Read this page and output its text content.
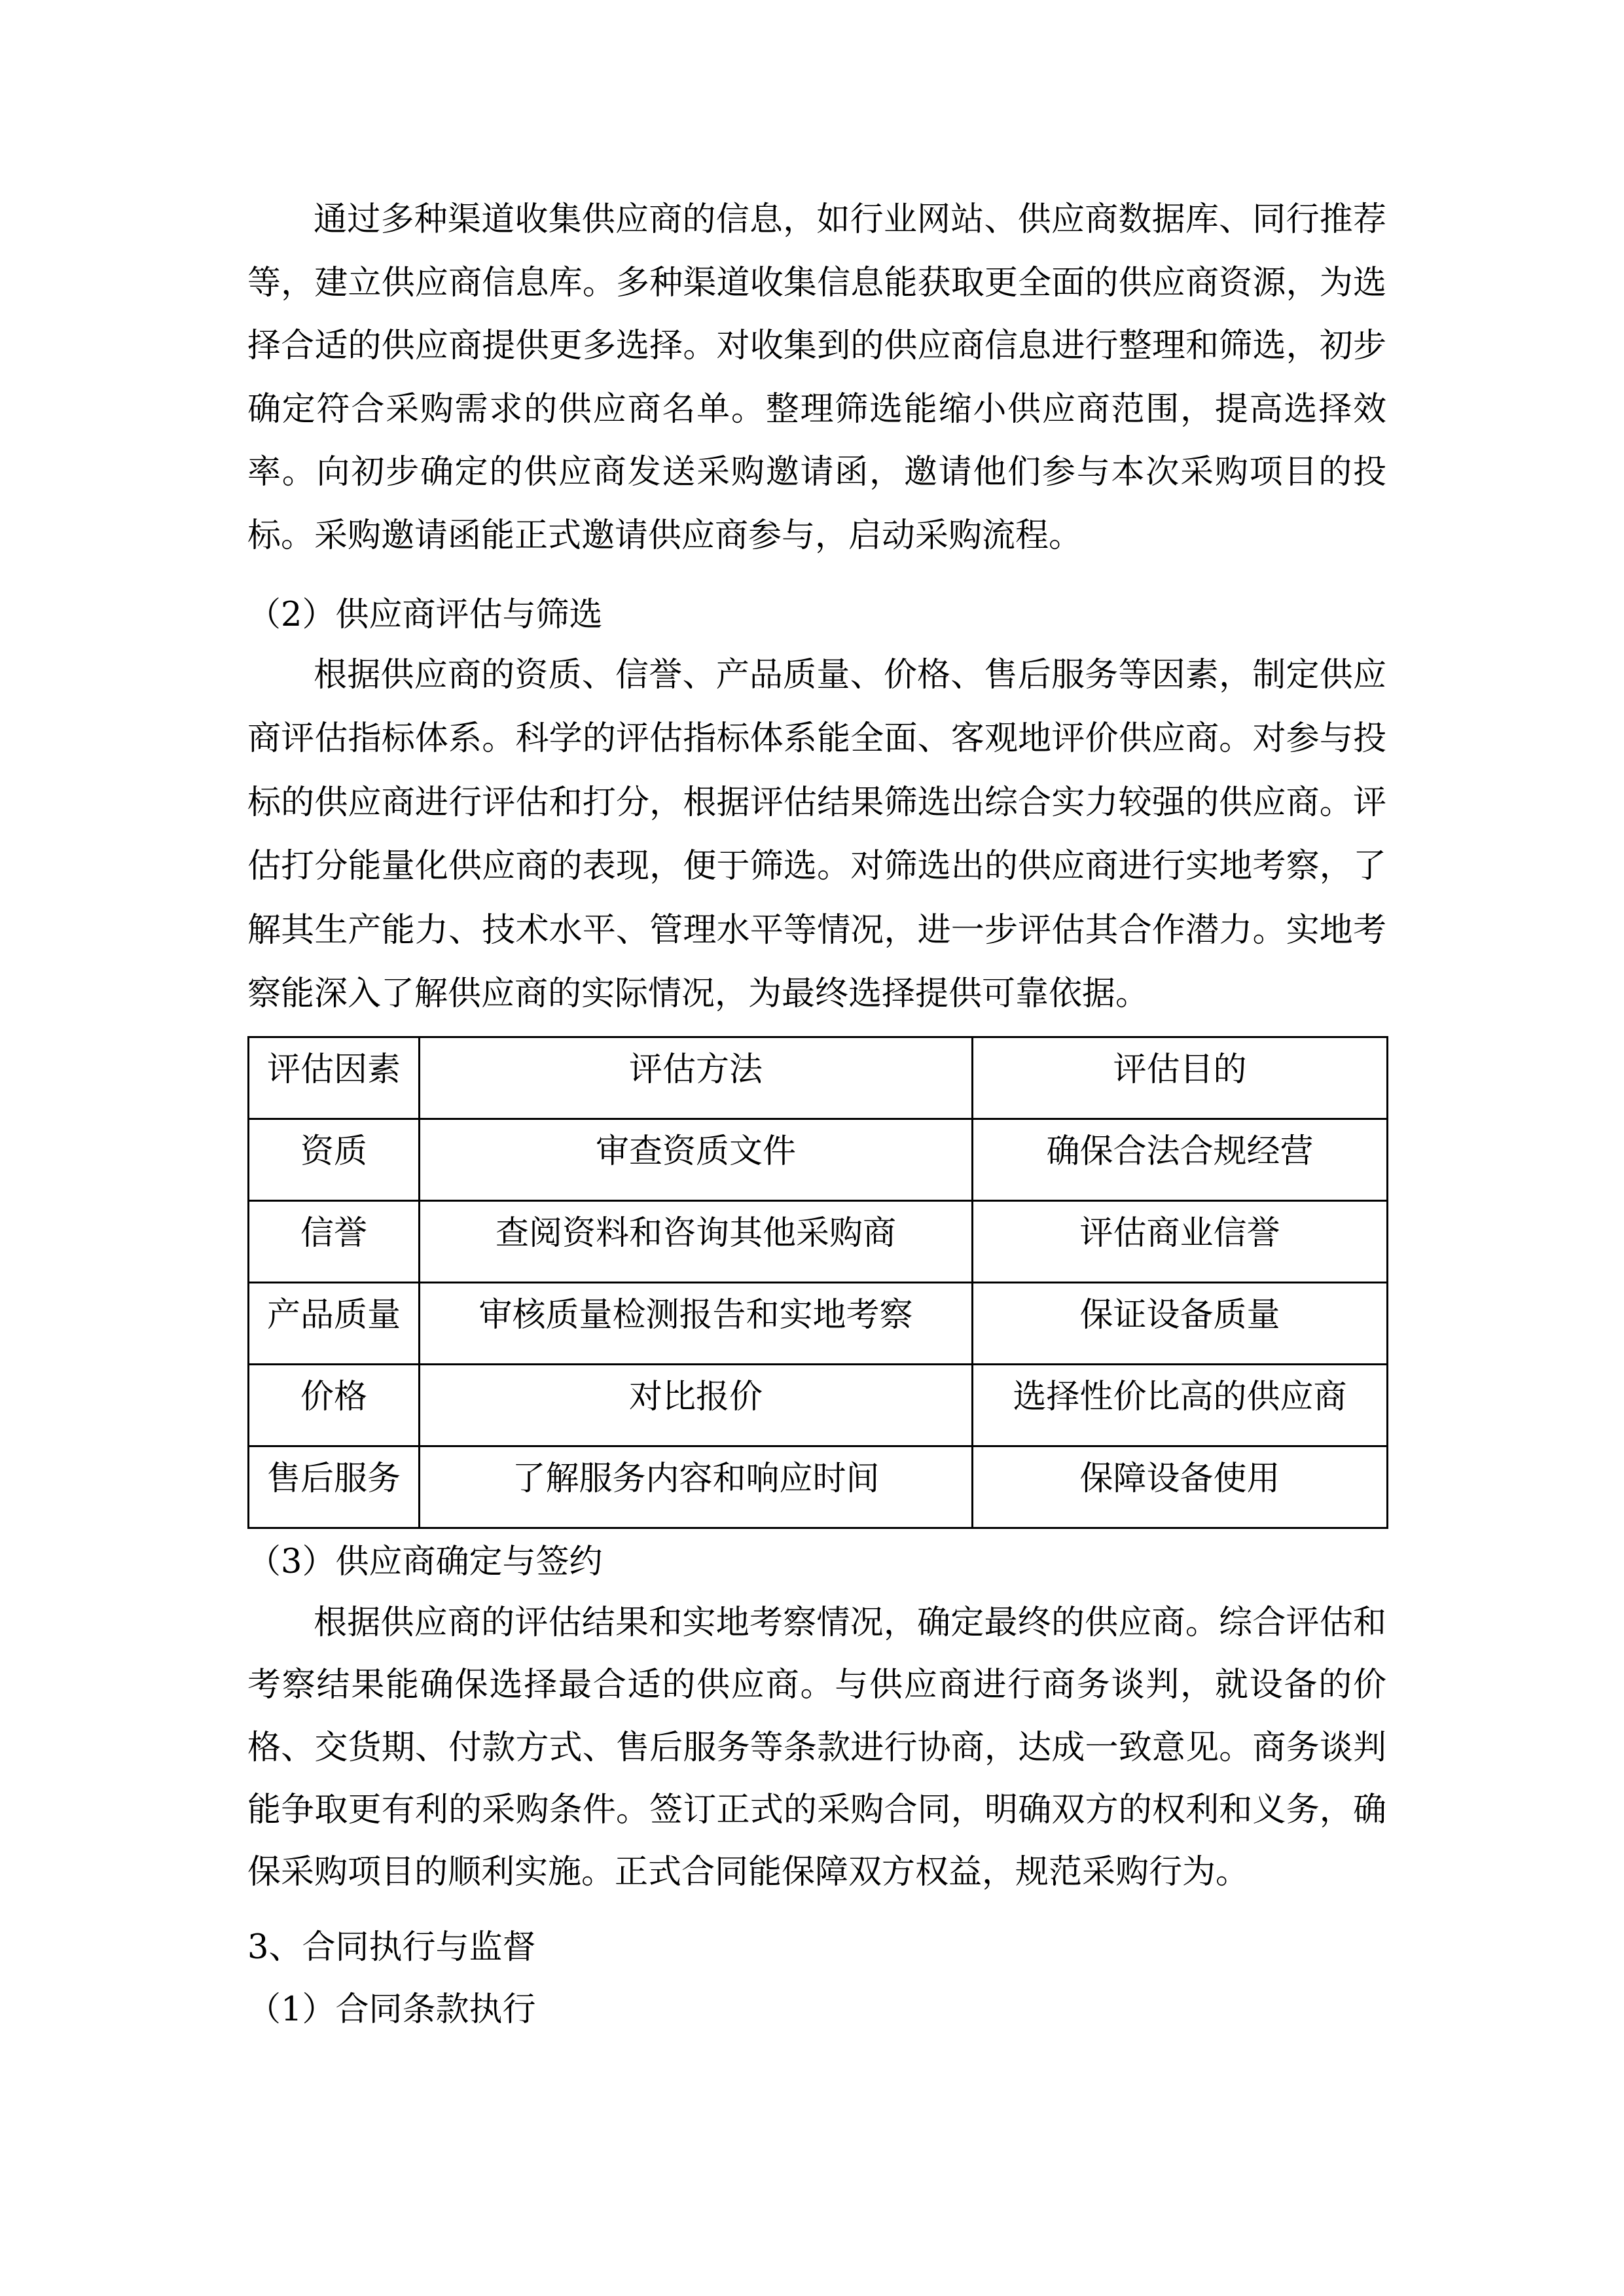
通过多种渠道收集供应商的信息，如行业网站、供应商数据库、同行推荐
等，建立供应商信息库。多种渠道收集信息能获取更全面的供应商资源，为选
择合适的供应商提供更多选择。对收集到的供应商信息进行整理和筛选，初步
确定符合采购需求的供应商名单。整理筛选能缩小供应商范围，提高选择效
率。向初步确定的供应商发送采购邀请函，邀请他们参与本次采购项目的投
标。采购邀请函能正式邀请供应商参与，启动采购流程。
（2）供应商评估与筛选
根据供应商的资质、信誉、产品质量、价格、售后服务等因素，制定供应
商评估指标体系。科学的评估指标体系能全面、客观地评价供应商。对参与投
标的供应商进行评估和打分，根据评估结果筛选出综合实力较强的供应商。评
估打分能量化供应商的表现，便于筛选。对筛选出的供应商进行实地考察，了
解其生产能力、技术水平、管理水平等情况，进一步评估其合作潜力。实地考
察能深入了解供应商的实际情况，为最终选择提供可靠依据。
评估因素	评估方法	评估目的
资质	审查资质文件	确保合法合规经营
信誉	查阅资料和咨询其他采购商	评估商业信誉
产品质量	审核质量检测报告和实地考察	保证设备质量
价格	对比报价	选择性价比高的供应商
售后服务	了解服务内容和响应时间	保障设备使用
（3）供应商确定与签约
根据供应商的评估结果和实地考察情况，确定最终的供应商。综合评估和
考察结果能确保选择最合适的供应商。与供应商进行商务谈判，就设备的价
格、交货期、付款方式、售后服务等条款进行协商，达成一致意见。商务谈判
能争取更有利的采购条件。签订正式的采购合同，明确双方的权利和义务，确
保采购项目的顺利实施。正式合同能保障双方权益，规范采购行为。
3、合同执行与监督
（1）合同条款执行
